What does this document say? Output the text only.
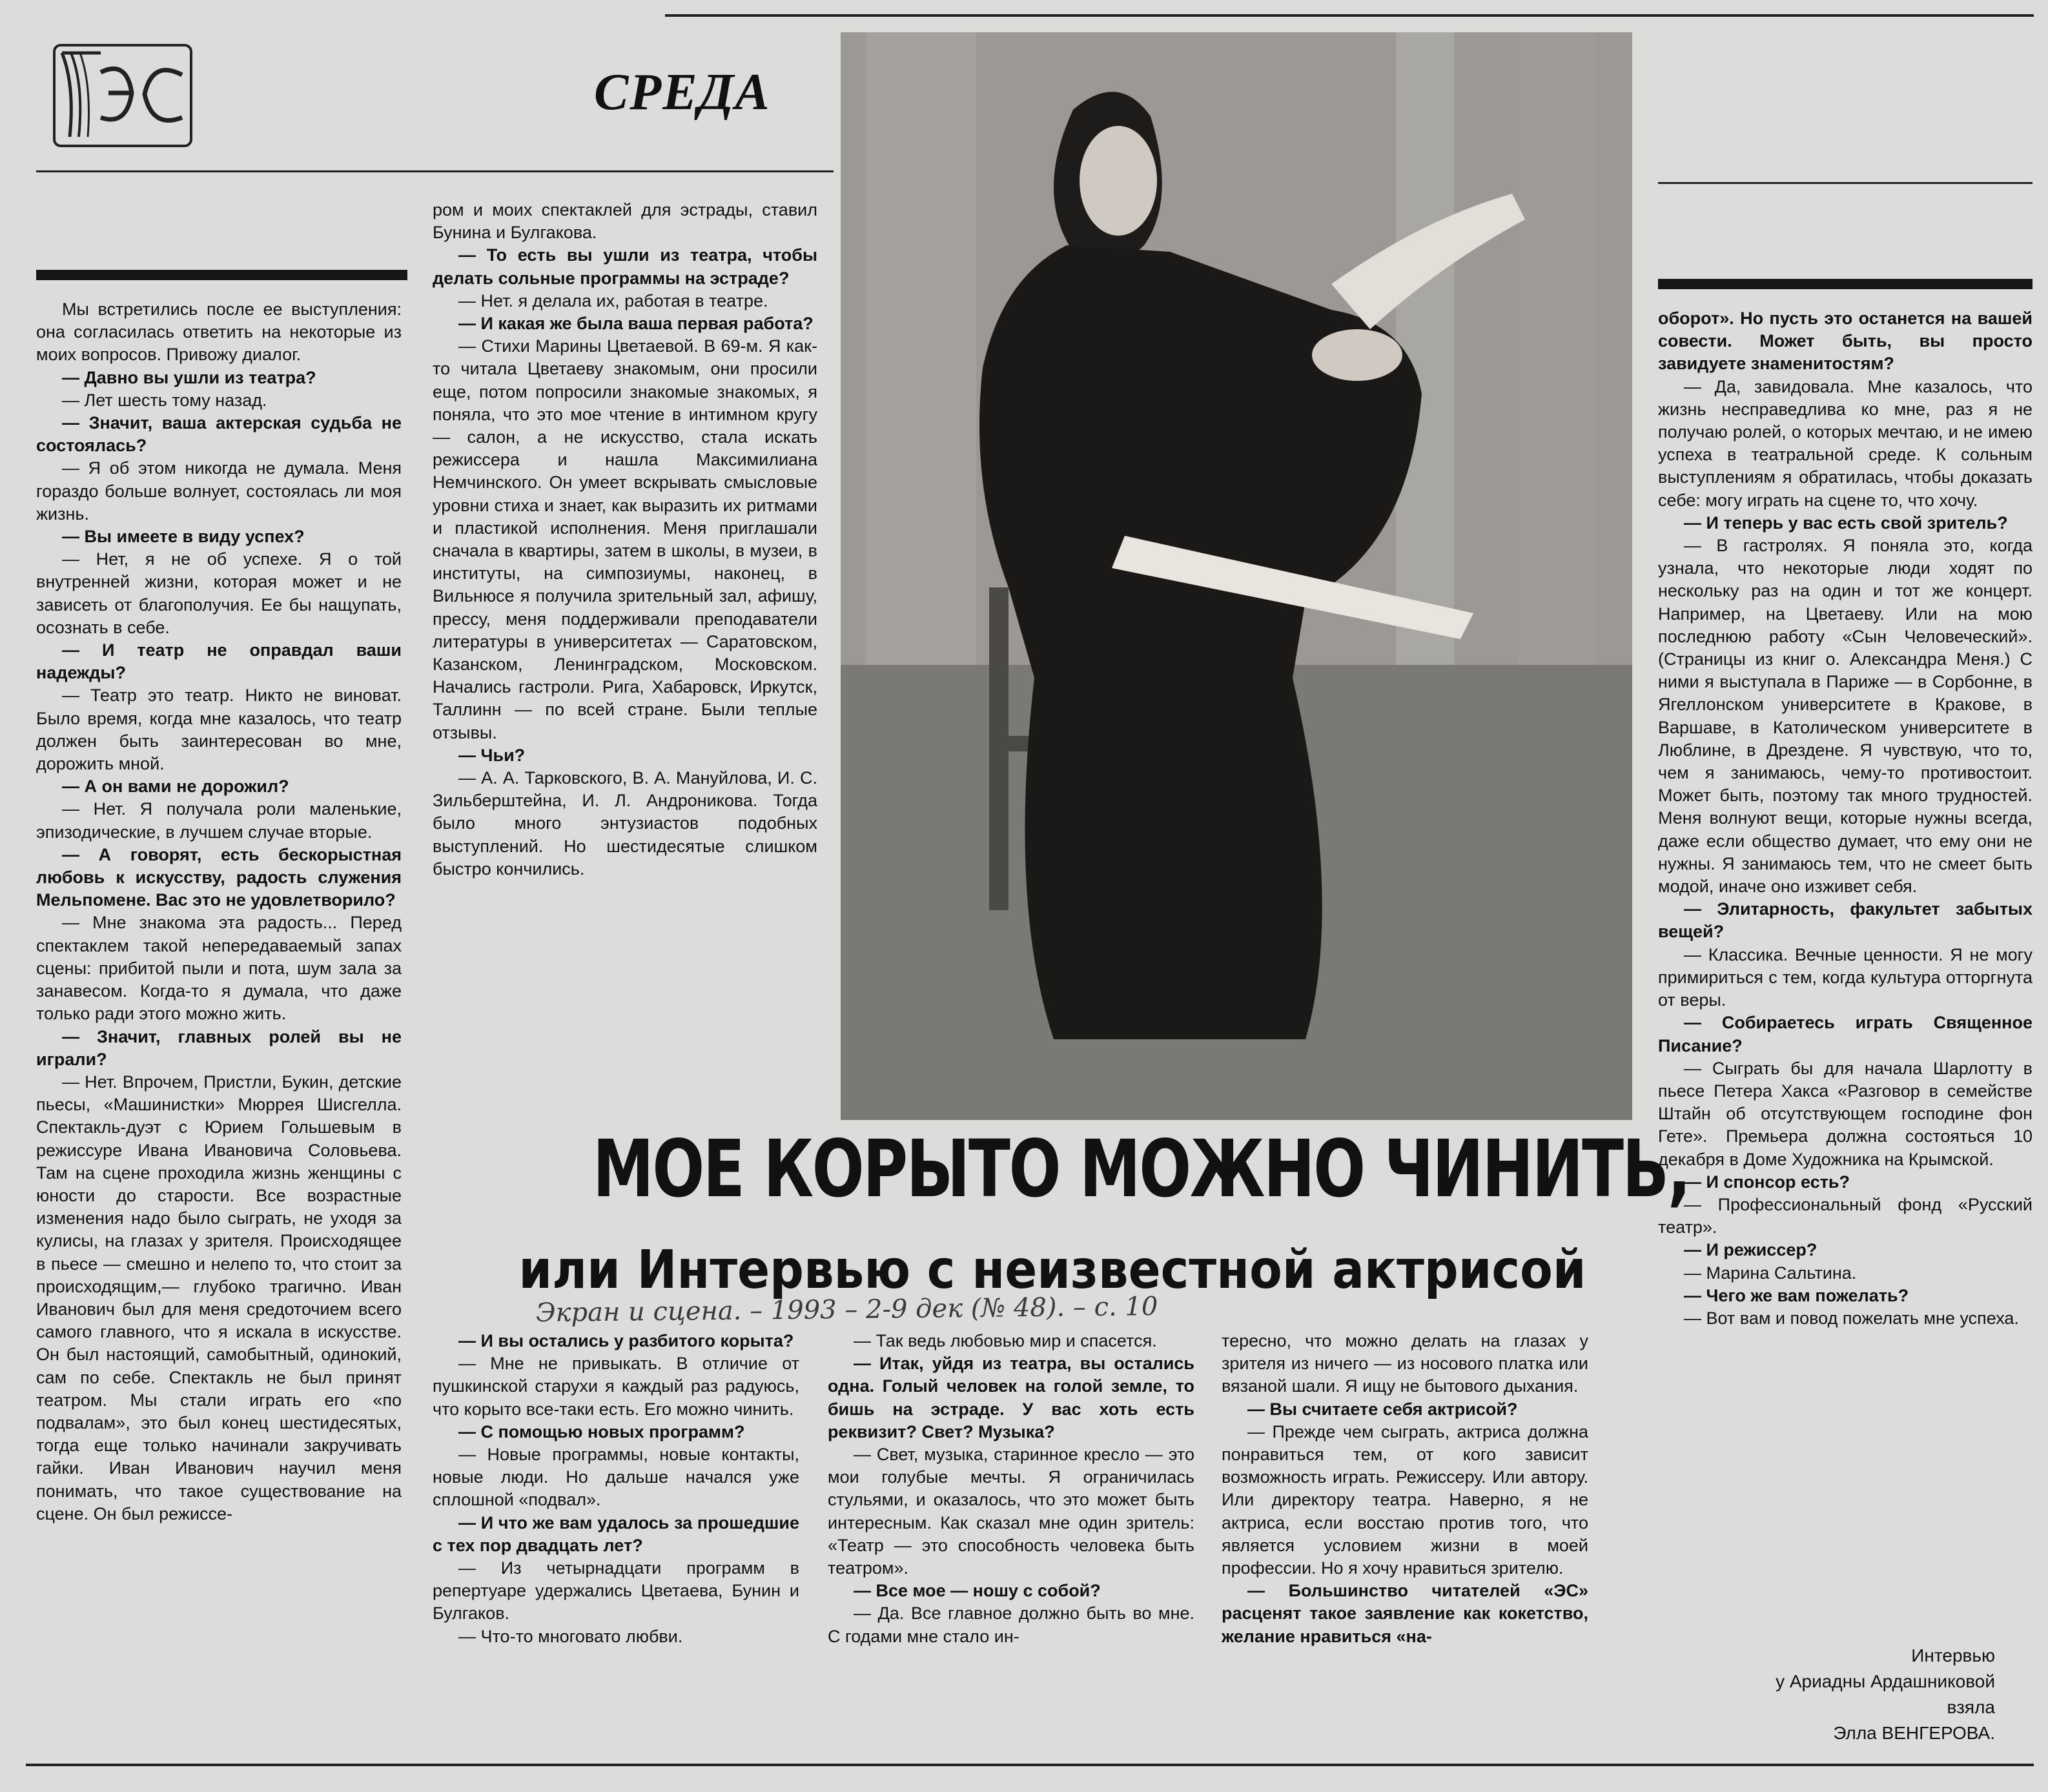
СРЕДА

Мы встретились после ее выступления: она согласилась ответить на некоторые из моих вопросов. Привожу диалог.

— Давно вы ушли из театра?

— Лет шесть тому назад.

— Значит, ваша актерская судьба не состоялась?

— Я об этом никогда не думала. Меня гораздо больше волнует, состоялась ли моя жизнь.

— Вы имеете в виду успех?

— Нет, я не об успехе. Я о той внутренней жизни, которая может и не зависеть от благополучия. Ее бы нащупать, осознать в себе.

— И театр не оправдал ваши надежды?

— Театр это театр. Никто не виноват. Было время, когда мне казалось, что театр должен быть заинтересован во мне, дорожить мной.

— А он вами не дорожил?

— Нет. Я получала роли маленькие, эпизодические, в лучшем случае вторые.

— А говорят, есть бескорыстная любовь к искусству, радость служения Мельпомене. Вас это не удовлетворило?

— Мне знакома эта радость... Перед спектаклем такой непередаваемый запах сцены: прибитой пыли и пота, шум зала за занавесом. Когда-то я думала, что даже только ради этого можно жить.

— Значит, главных ролей вы не играли?

— Нет. Впрочем, Пристли, Букин, детские пьесы, «Машинистки» Мюррея Шисгелла. Спектакль-дуэт с Юрием Гольшевым в режиссуре Ивана Ивановича Соловьева. Там на сцене проходила жизнь женщины с юности до старости. Все возрастные изменения надо было сыграть, не уходя за кулисы, на глазах у зрителя. Происходящее в пьесе — смешно и нелепо то, что стоит за происходящим,— глубоко трагично. Иван Иванович был для меня средоточием всего самого главного, что я искала в искусстве. Он был настоящий, самобытный, одинокий, сам по себе. Спектакль не был принят театром. Мы стали играть его «по подвалам», это был конец шестидесятых, тогда еще только начинали закручивать гайки. Иван Иванович научил меня понимать, что такое существование на сцене. Он был режиссе-

ром и моих спектаклей для эстрады, ставил Бунина и Булгакова.

— То есть вы ушли из театра, чтобы делать сольные программы на эстраде?

— Нет. я делала их, работая в театре.

— И какая же была ваша первая работа?

— Стихи Марины Цветаевой. В 69-м. Я как-то читала Цветаеву знакомым, они просили еще, потом попросили знакомые знакомых, я поняла, что это мое чтение в интимном кругу — салон, а не искусство, стала искать режиссера и нашла Максимилиана Немчинского. Он умеет вскрывать смысловые уровни стиха и знает, как выразить их ритмами и пластикой исполнения. Меня приглашали сначала в квартиры, затем в школы, в музеи, в институты, на симпозиумы, наконец, в Вильнюсе я получила зрительный зал, афишу, прессу, меня поддерживали преподаватели литературы в университетах — Саратовском, Казанском, Ленинградском, Московском. Начались гастроли. Рига, Хабаровск, Иркутск, Таллинн — по всей стране. Были теплые отзывы.

— Чьи?

— А. А. Тарковского, В. А. Мануйлова, И. С. Зильберштейна, И. Л. Андроникова. Тогда было много энтузиастов подобных выступлений. Но шестидесятые слишком быстро кончились.

МОЕ КОРЫТО МОЖНО ЧИНИТЬ,
или Интервью с неизвестной актрисой
Экран и сцена. – 1993 – 2-9 дек (№ 48). – с. 10

— И вы остались у разбитого корыта?

— Мне не привыкать. В отличие от пушкинской старухи я каждый раз радуюсь, что корыто все-таки есть. Его можно чинить.

— С помощью новых программ?

— Новые программы, новые контакты, новые люди. Но дальше начался уже сплошной «подвал».

— И что же вам удалось за прошедшие с тех пор двадцать лет?

— Из четырнадцати программ в репертуаре удержались Цветаева, Бунин и Булгаков.

— Что-то многовато любви.

— Так ведь любовью мир и спасется.

— Итак, уйдя из театра, вы остались одна. Голый человек на голой земле, то бишь на эстраде. У вас хоть есть реквизит? Свет? Музыка?

— Свет, музыка, старинное кресло — это мои голубые мечты. Я ограничилась стульями, и оказалось, что это может быть интересным. Как сказал мне один зритель: «Театр — это способность человека быть театром».

— Все мое — ношу с собой?

— Да. Все главное должно быть во мне. С годами мне стало ин-

тересно, что можно делать на глазах у зрителя из ничего — из носового платка или вязаной шали. Я ищу не бытового дыхания.

— Вы считаете себя актрисой?

— Прежде чем сыграть, актриса должна понравиться тем, от кого зависит возможность играть. Режиссеру. Или автору. Или директору театра. Наверно, я не актриса, если восстаю против того, что является условием жизни в моей профессии. Но я хочу нравиться зрителю.

— Большинство читателей «ЭС» расценят такое заявление как кокетство, желание нравиться «на-

оборот». Но пусть это останется на вашей совести. Может быть, вы просто завидуете знаменитостям?

— Да, завидовала. Мне казалось, что жизнь несправедлива ко мне, раз я не получаю ролей, о которых мечтаю, и не имею успеха в театральной среде. К сольным выступлениям я обратилась, чтобы доказать себе: могу играть на сцене то, что хочу.

— И теперь у вас есть свой зритель?

— В гастролях. Я поняла это, когда узнала, что некоторые люди ходят по нескольку раз на один и тот же концерт. Например, на Цветаеву. Или на мою последнюю работу «Сын Человеческий». (Страницы из книг о. Александра Меня.) С ними я выступала в Париже — в Сорбонне, в Ягеллонском университете в Кракове, в Варшаве, в Католическом университете в Люблине, в Дрездене. Я чувствую, что то, чем я занимаюсь, чему-то противостоит. Может быть, поэтому так много трудностей. Меня волнуют вещи, которые нужны всегда, даже если общество думает, что ему они не нужны. Я занимаюсь тем, что не смеет быть модой, иначе оно изживет себя.

— Элитарность, факультет забытых вещей?

— Классика. Вечные ценности. Я не могу примириться с тем, когда культура отторгнута от веры.

— Собираетесь играть Священное Писание?

— Сыграть бы для начала Шарлотту в пьесе Петера Хакса «Разговор в семействе Штайн об отсутствующем господине фон Гете». Премьера должна состояться 10 декабря в Доме Художника на Крымской.

— И спонсор есть?

— Профессиональный фонд «Русский театр».

— И режиссер?

— Марина Сальтина.

— Чего же вам пожелать?

— Вот вам и повод пожелать мне успеха.

Интервью
у Ариадны Ардашниковой
взяла
Элла ВЕНГЕРОВА.
